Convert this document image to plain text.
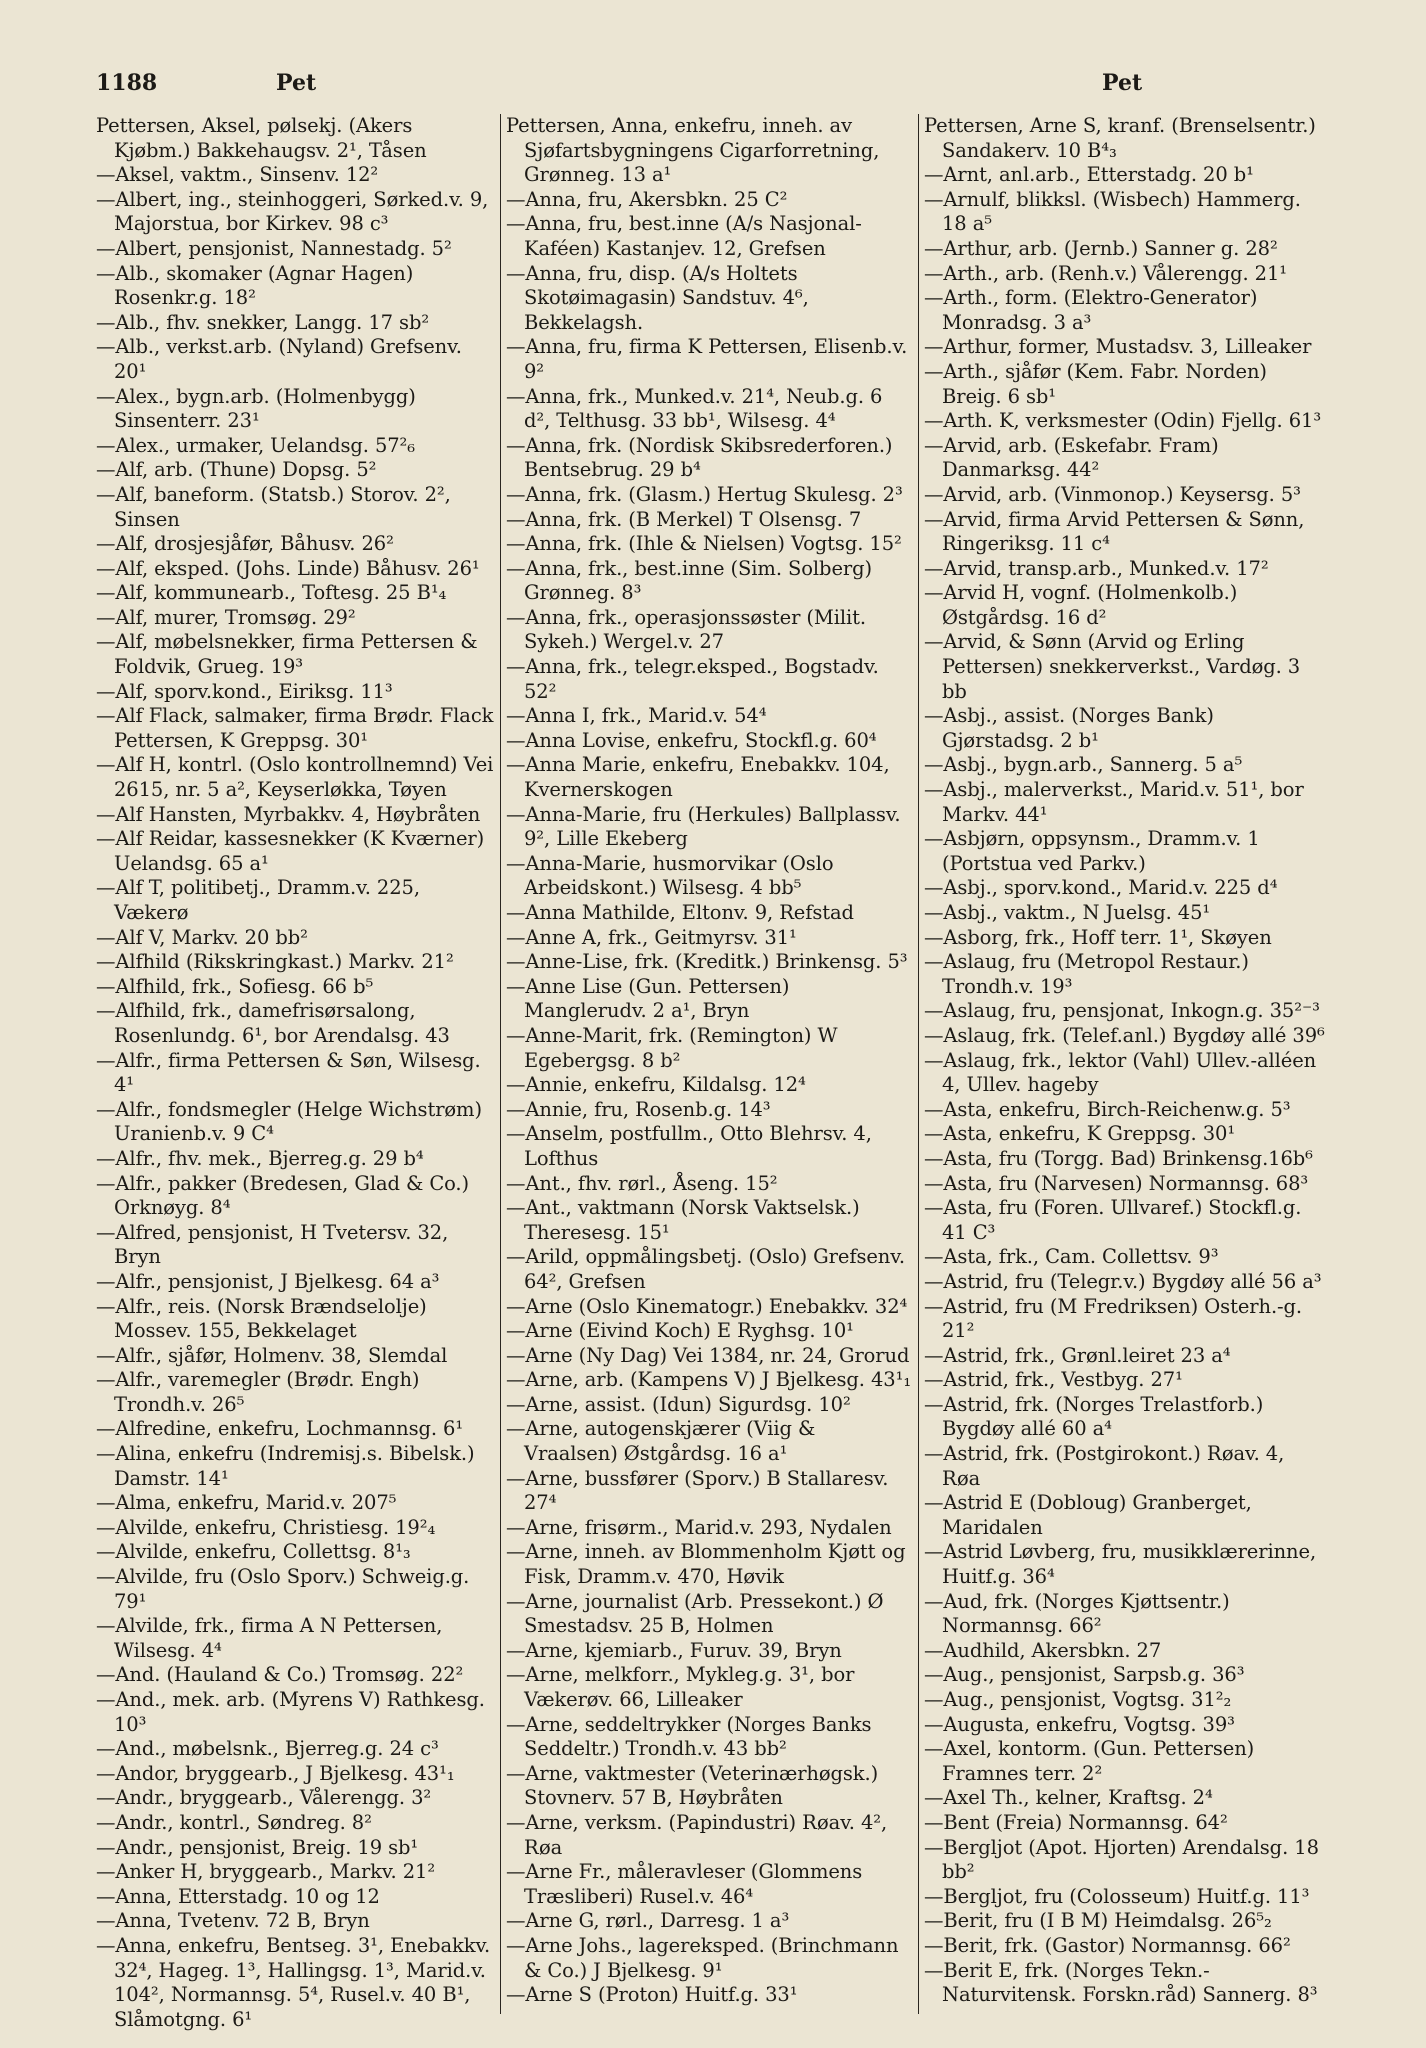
1188	Pet	Pet
Pettersen, Aksel, pølsekj. (Akers Kjøbm.) Bakkehaugsv. 2¹, Tåsen
—Aksel, vaktm., Sinsenv. 12²
—Albert, ing., steinhoggeri, Sørked.v. 9, Majorstua, bor Kirkev. 98 c³
—Albert, pensjonist, Nannestadg. 5²
—Alb., skomaker (Agnar Hagen) Rosenkr.g. 18²
—Alb., fhv. snekker, Langg. 17 sb²
—Alb., verkst.arb. (Nyland) Grefsenv. 20¹
—Alex., bygn.arb. (Holmenbygg) Sinsenterr. 23¹
—Alex., urmaker, Uelandsg. 57²₆
—Alf, arb. (Thune) Dopsg. 5²
—Alf, baneform. (Statsb.) Storov. 2², Sinsen
—Alf, drosjesjåfør, Båhusv. 26²
—Alf, eksped. (Johs. Linde) Båhusv. 26¹
—Alf, kommunearb., Toftesg. 25 B¹₄
—Alf, murer, Tromsøg. 29²
—Alf, møbelsnekker, firma Pettersen & Foldvik, Grueg. 19³
—Alf, sporv.kond., Eiriksg. 11³
—Alf Flack, salmaker, firma Brødr. Flack Pettersen, K Greppsg. 30¹
—Alf H, kontrl. (Oslo kontrollnemnd) Vei 2615, nr. 5 a², Keyserløkka, Tøyen
—Alf Hansten, Myrbakkv. 4, Høybråten
—Alf Reidar, kassesnekker (K Kværner) Uelandsg. 65 a¹
—Alf T, politibetj., Dramm.v. 225, Vækerø
—Alf V, Markv. 20 bb²
—Alfhild (Rikskringkast.) Markv. 21²
—Alfhild, frk., Sofiesg. 66 b⁵
—Alfhild, frk., damefrisørsalong, Rosenlundg. 6¹, bor Arendalsg. 43
—Alfr., firma Pettersen & Søn, Wilsesg. 4¹
—Alfr., fondsmegler (Helge Wichstrøm) Uranienb.v. 9 C⁴
—Alfr., fhv. mek., Bjerreg.g. 29 b⁴
—Alfr., pakker (Bredesen, Glad & Co.) Orknøyg. 8⁴
—Alfred, pensjonist, H Tvetersv. 32, Bryn
—Alfr., pensjonist, J Bjelkesg. 64 a³
—Alfr., reis. (Norsk Brændselolje) Mossev. 155, Bekkelaget
—Alfr., sjåfør, Holmenv. 38, Slemdal
—Alfr., varemegler (Brødr. Engh) Trondh.v. 26⁵
—Alfredine, enkefru, Lochmannsg. 6¹
—Alina, enkefru (Indremisj.s. Bibelsk.) Damstr. 14¹
—Alma, enkefru, Marid.v. 207⁵
—Alvilde, enkefru, Christiesg. 19²₄
—Alvilde, enkefru, Collettsg. 8¹₃
—Alvilde, fru (Oslo Sporv.) Schweig.g. 79¹
—Alvilde, frk., firma A N Pettersen, Wilsesg. 4⁴
—And. (Hauland & Co.) Tromsøg. 22²
—And., mek. arb. (Myrens V) Rathkesg. 10³
—And., møbelsnk., Bjerreg.g. 24 c³
—Andor, bryggearb., J Bjelkesg. 43¹₁
—Andr., bryggearb., Vålerengg. 3²
—Andr., kontrl., Søndreg. 8²
—Andr., pensjonist, Breig. 19 sb¹
—Anker H, bryggearb., Markv. 21²
—Anna, Etterstadg. 10 og 12
—Anna, Tvetenv. 72 B, Bryn
—Anna, enkefru, Bentseg. 3¹, Enebakkv. 32⁴, Hageg. 1³, Hallingsg. 1³, Marid.v. 104², Normannsg. 5⁴, Rusel.v. 40 B¹, Slåmotgng. 6¹
Pettersen, Anna, enkefru, inneh. av Sjøfartsbygningens Cigarforretning, Grønneg. 13 a¹
—Anna, fru, Akersbkn. 25 C²
—Anna, fru, best.inne (A/s Nasjonal-Kaféen) Kastanjev. 12, Grefsen
—Anna, fru, disp. (A/s Holtets Skotøimagasin) Sandstuv. 4⁶, Bekkelagsh.
—Anna, fru, firma K Pettersen, Elisenb.v. 9²
—Anna, frk., Munked.v. 21⁴, Neub.g. 6 d², Telthusg. 33 bb¹, Wilsesg. 4⁴
—Anna, frk. (Nordisk Skibsrederforen.) Bentsebrug. 29 b⁴
—Anna, frk. (Glasm.) Hertug Skulesg. 2³
—Anna, frk. (B Merkel) T Olsensg. 7
—Anna, frk. (Ihle & Nielsen) Vogtsg. 15²
—Anna, frk., best.inne (Sim. Solberg) Grønneg. 8³
—Anna, frk., operasjonssøster (Milit. Sykeh.) Wergel.v. 27
—Anna, frk., telegr.eksped., Bogstadv. 52²
—Anna I, frk., Marid.v. 54⁴
—Anna Lovise, enkefru, Stockfl.g. 60⁴
—Anna Marie, enkefru, Enebakkv. 104, Kvernerskogen
—Anna-Marie, fru (Herkules) Ballplassv. 9², Lille Ekeberg
—Anna-Marie, husmorvikar (Oslo Arbeidskont.) Wilsesg. 4 bb⁵
—Anna Mathilde, Eltonv. 9, Refstad
—Anne A, frk., Geitmyrsv. 31¹
—Anne-Lise, frk. (Kreditk.) Brinkensg. 5³
—Anne Lise (Gun. Pettersen) Manglerudv. 2 a¹, Bryn
—Anne-Marit, frk. (Remington) W Egebergsg. 8 b²
—Annie, enkefru, Kildalsg. 12⁴
—Annie, fru, Rosenb.g. 14³
—Anselm, postfullm., Otto Blehrsv. 4, Lofthus
—Ant., fhv. rørl., Åseng. 15²
—Ant., vaktmann (Norsk Vaktselsk.) Theresesg. 15¹
—Arild, oppmålingsbetj. (Oslo) Grefsenv. 64², Grefsen
—Arne (Oslo Kinematogr.) Enebakkv. 32⁴
—Arne (Eivind Koch) E Ryghsg. 10¹
—Arne (Ny Dag) Vei 1384, nr. 24, Grorud
—Arne, arb. (Kampens V) J Bjelkesg. 43¹₁
—Arne, assist. (Idun) Sigurdsg. 10²
—Arne, autogenskjærer (Viig & Vraalsen) Østgårdsg. 16 a¹
—Arne, bussfører (Sporv.) B Stallaresv. 27⁴
—Arne, frisørm., Marid.v. 293, Nydalen
—Arne, inneh. av Blommenholm Kjøtt og Fisk, Dramm.v. 470, Høvik
—Arne, journalist (Arb. Pressekont.) Ø Smestadsv. 25 B, Holmen
—Arne, kjemiarb., Furuv. 39, Bryn
—Arne, melkforr., Mykleg.g. 3¹, bor Vækerøv. 66, Lilleaker
—Arne, seddeltrykker (Norges Banks Seddeltr.) Trondh.v. 43 bb²
—Arne, vaktmester (Veterinærhøgsk.) Stovnerv. 57 B, Høybråten
—Arne, verksm. (Papindustri) Røav. 4², Røa
—Arne Fr., måleravleser (Glommens Træsliberi) Rusel.v. 46⁴
—Arne G, rørl., Darresg. 1 a³
—Arne Johs., lagereksped. (Brinchmann & Co.) J Bjelkesg. 9¹
—Arne S (Proton) Huitf.g. 33¹
Pettersen, Arne S, kranf. (Brenselsentr.) Sandakerv. 10 B⁴₃
—Arnt, anl.arb., Etterstadg. 20 b¹
—Arnulf, blikksl. (Wisbech) Hammerg. 18 a⁵
—Arthur, arb. (Jernb.) Sanner g. 28²
—Arth., arb. (Renh.v.) Vålerengg. 21¹
—Arth., form. (Elektro-Generator) Monradsg. 3 a³
—Arthur, former, Mustadsv. 3, Lilleaker
—Arth., sjåfør (Kem. Fabr. Norden) Breig. 6 sb¹
—Arth. K, verksmester (Odin) Fjellg. 61³
—Arvid, arb. (Eskefabr. Fram) Danmarksg. 44²
—Arvid, arb. (Vinmonop.) Keysersg. 5³
—Arvid, firma Arvid Pettersen & Sønn, Ringeriksg. 11 c⁴
—Arvid, transp.arb., Munked.v. 17²
—Arvid H, vognf. (Holmenkolb.) Østgårdsg. 16 d²
—Arvid, & Sønn (Arvid og Erling Pettersen) snekkerverkst., Vardøg. 3 bb
—Asbj., assist. (Norges Bank) Gjørstadsg. 2 b¹
—Asbj., bygn.arb., Sannerg. 5 a⁵
—Asbj., malerverkst., Marid.v. 51¹, bor Markv. 44¹
—Asbjørn, oppsynsm., Dramm.v. 1 (Portstua ved Parkv.)
—Asbj., sporv.kond., Marid.v. 225 d⁴
—Asbj., vaktm., N Juelsg. 45¹
—Asborg, frk., Hoff terr. 1¹, Skøyen
—Aslaug, fru (Metropol Restaur.) Trondh.v. 19³
—Aslaug, fru, pensjonat, Inkogn.g. 35²⁻³
—Aslaug, frk. (Telef.anl.) Bygdøy allé 39⁶
—Aslaug, frk., lektor (Vahl) Ullev.-alléen 4, Ullev. hageby
—Asta, enkefru, Birch-Reichenw.g. 5³
—Asta, enkefru, K Greppsg. 30¹
—Asta, fru (Torgg. Bad) Brinkensg.16b⁶
—Asta, fru (Narvesen) Normannsg. 68³
—Asta, fru (Foren. Ullvaref.) Stockfl.g. 41 C³
—Asta, frk., Cam. Collettsv. 9³
—Astrid, fru (Telegr.v.) Bygdøy allé 56 a³
—Astrid, fru (M Fredriksen) Osterh.-g. 21²
—Astrid, frk., Grønl.leiret 23 a⁴
—Astrid, frk., Vestbyg. 27¹
—Astrid, frk. (Norges Trelastforb.) Bygdøy allé 60 a⁴
—Astrid, frk. (Postgirokont.) Røav. 4, Røa
—Astrid E (Dobloug) Granberget, Maridalen
—Astrid Løvberg, fru, musikklærerinne, Huitf.g. 36⁴
—Aud, frk. (Norges Kjøttsentr.) Normannsg. 66²
—Audhild, Akersbkn. 27
—Aug., pensjonist, Sarpsb.g. 36³
—Aug., pensjonist, Vogtsg. 31²₂
—Augusta, enkefru, Vogtsg. 39³
—Axel, kontorm. (Gun. Pettersen) Framnes terr. 2²
—Axel Th., kelner, Kraftsg. 2⁴
—Bent (Freia) Normannsg. 64²
—Bergljot (Apot. Hjorten) Arendalsg. 18 bb²
—Bergljot, fru (Colosseum) Huitf.g. 11³
—Berit, fru (I B M) Heimdalsg. 26⁵₂
—Berit, frk. (Gastor) Normannsg. 66²
—Berit E, frk. (Norges Tekn.-Naturvitensk. Forskn.råd) Sannerg. 8³
